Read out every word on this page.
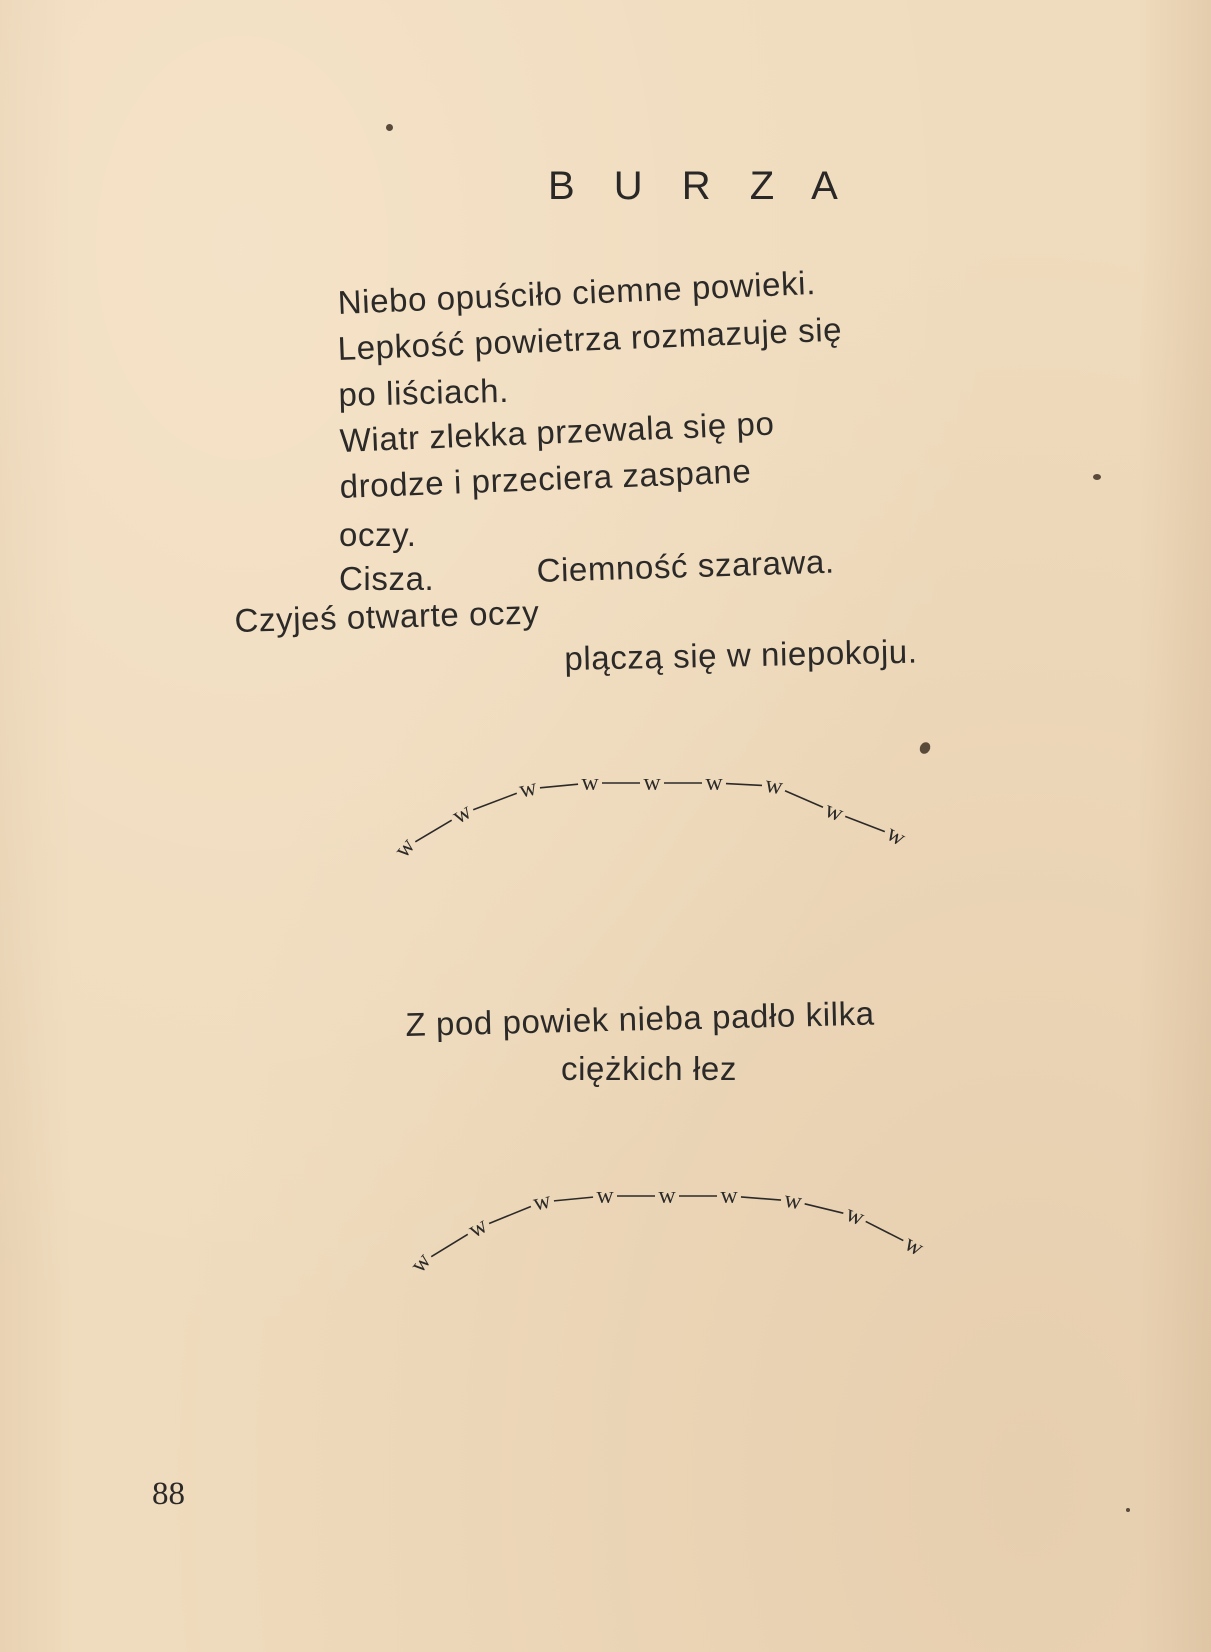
B U R Z A
Niebo opuściło ciemne powieki.
Lepkość powietrza rozmazuje się
po liściach.
Wiatr zlekka przewala się po
drodze i przeciera zaspane
oczy.
Cisza.	Ciemność szarawa.
Czyjeś otwarte oczy
plączą się w niepokoju.
w
w
w w w w w
w
w
Z pod powiek nieba padło kilka
ciężkich łez
w
w
w w w w w w
w
88
